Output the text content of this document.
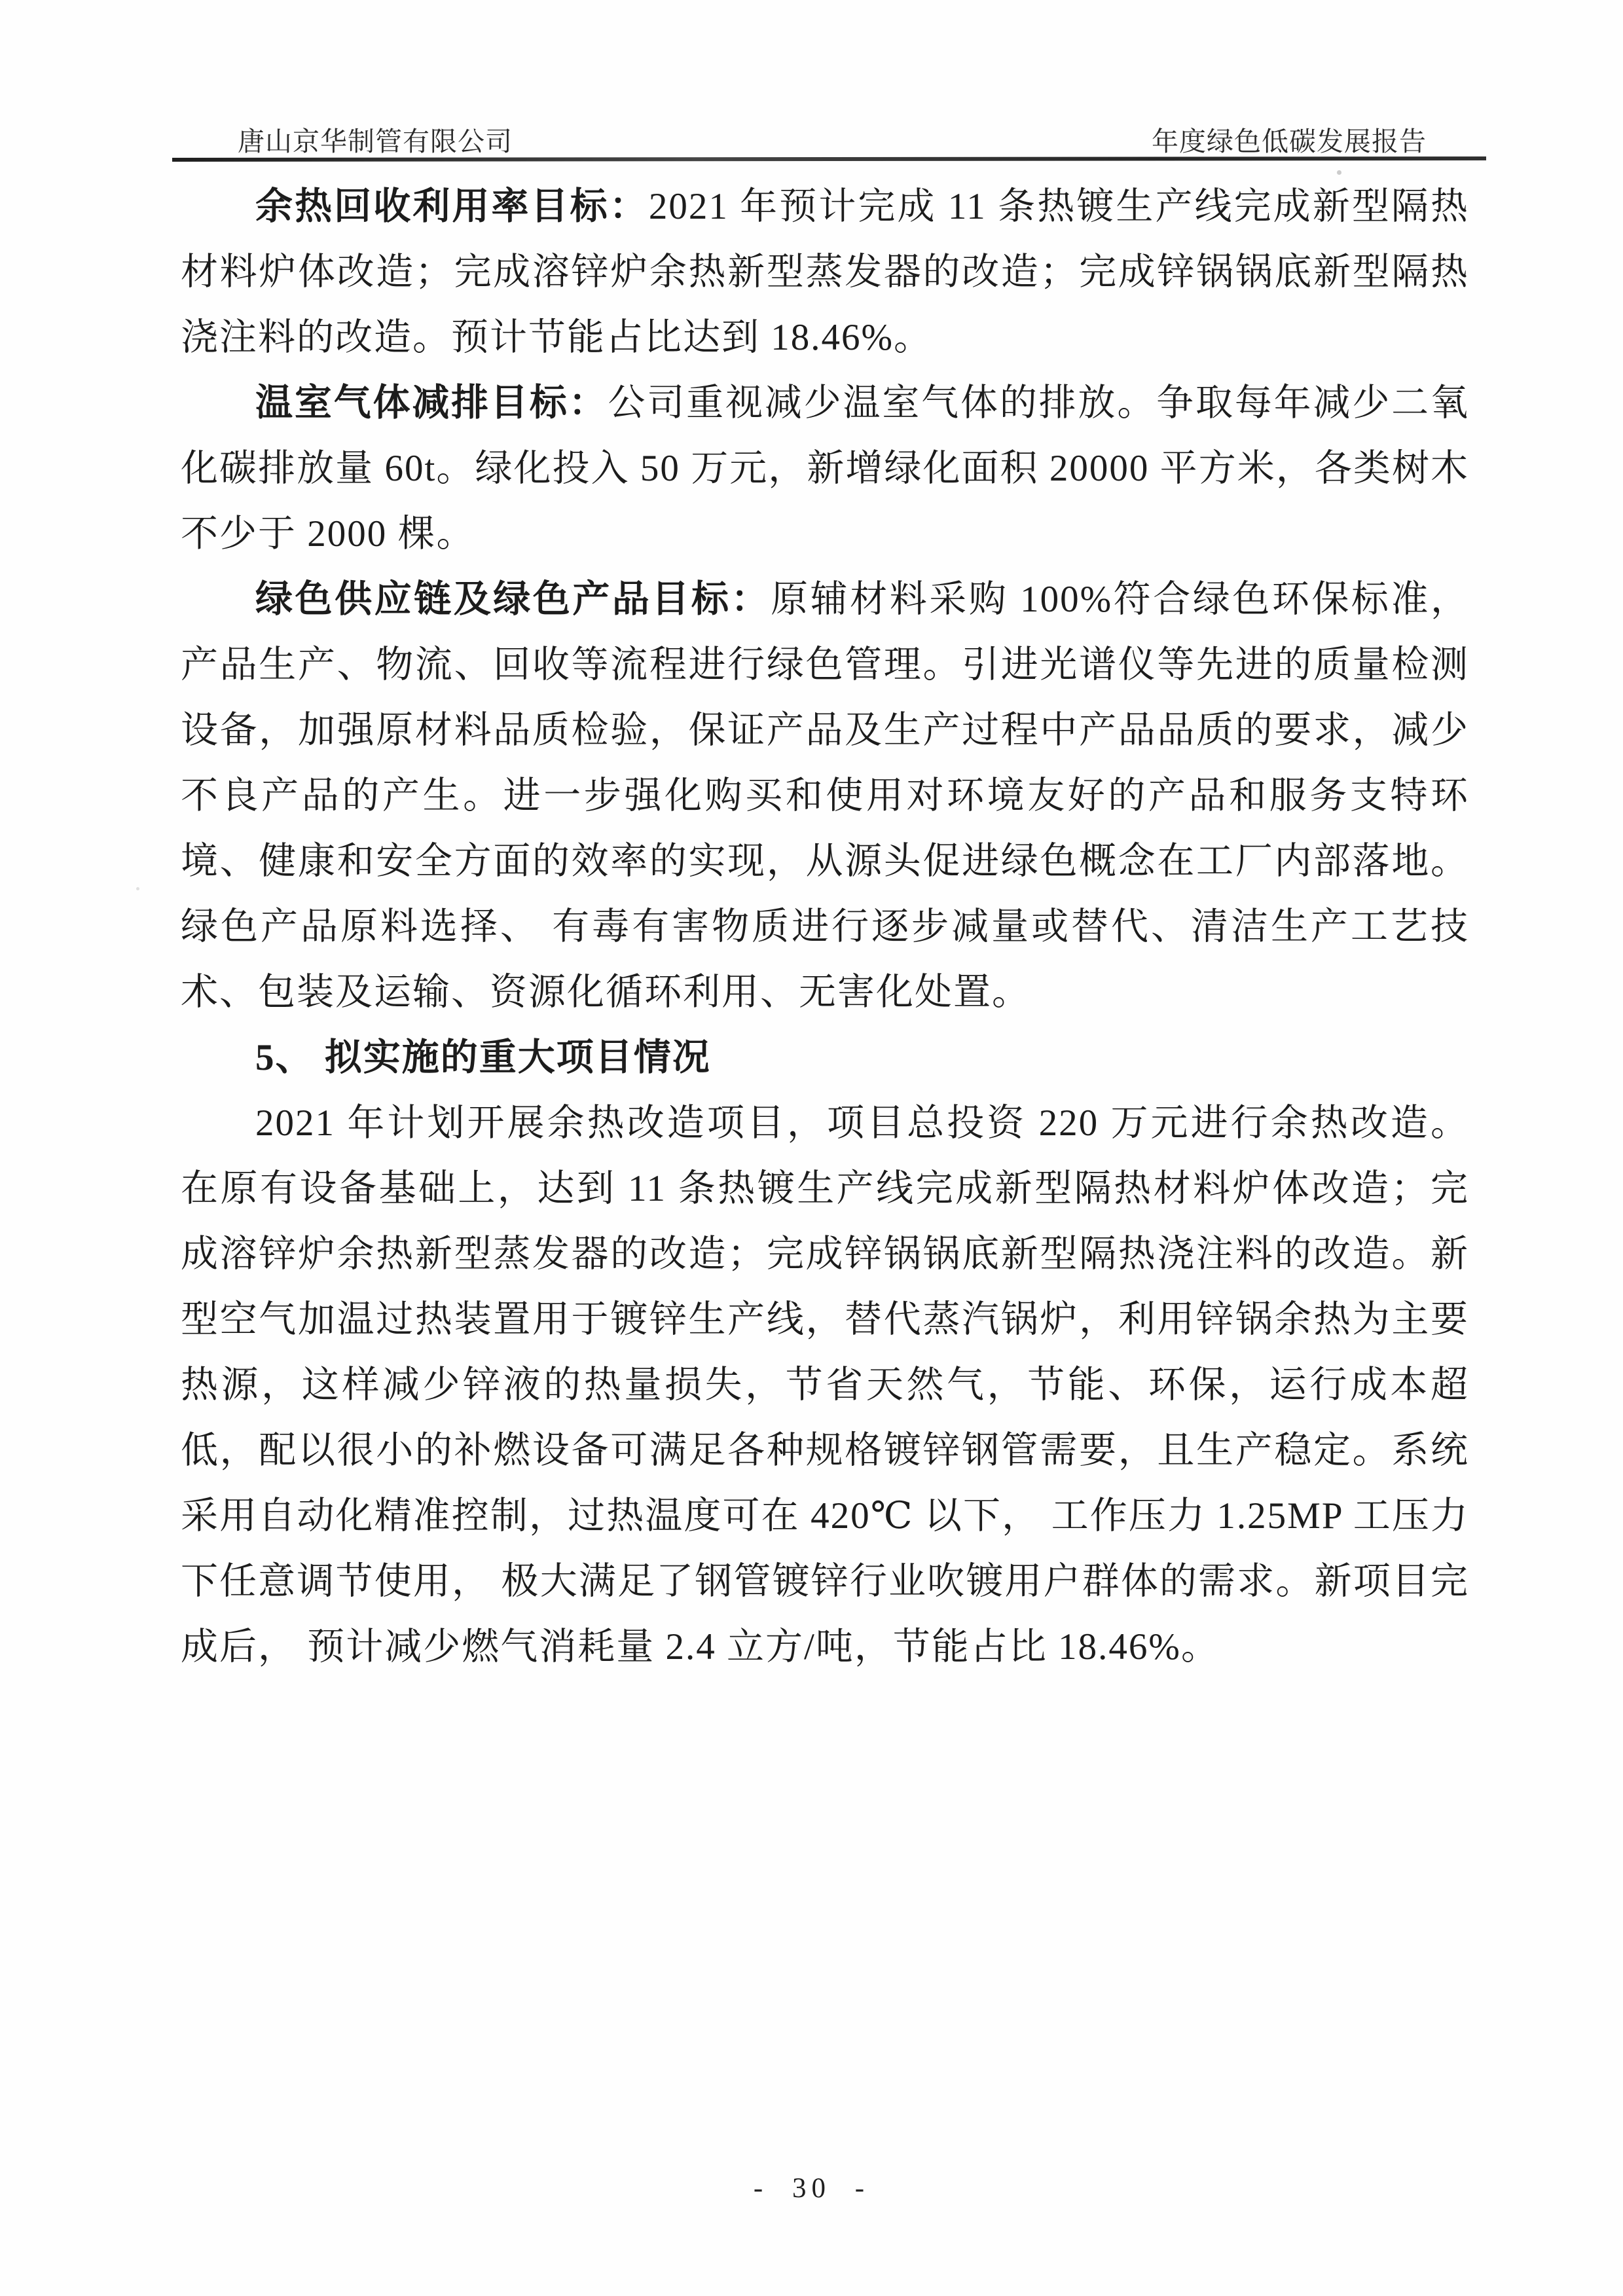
唐山京华制管有限公司	年度绿色低碳发展报告

余热回收利用率目标：2021 年预计完成 11 条热镀生产线完成新型隔热材料炉体改造；完成溶锌炉余热新型蒸发器的改造；完成锌锅锅底新型隔热浇注料的改造。预计节能占比达到 18.46%。

温室气体减排目标：公司重视减少温室气体的排放。争取每年减少二氧化碳排放量 60t。绿化投入 50 万元，新增绿化面积 20000 平方米，各类树木不少于 2000 棵。

绿色供应链及绿色产品目标：原辅材料采购 100%符合绿色环保标准，产品生产、物流、回收等流程进行绿色管理。引进光谱仪等先进的质量检测设备，加强原材料品质检验，保证产品及生产过程中产品品质的要求，减少不良产品的产生。进一步强化购买和使用对环境友好的产品和服务支特环境、健康和安全方面的效率的实现，从源头促进绿色概念在工厂内部落地。绿色产品原料选择、 有毒有害物质进行逐步减量或替代、清洁生产工艺技术、包装及运输、资源化循环利用、无害化处置。

5、 拟实施的重大项目情况

2021 年计划开展余热改造项目，项目总投资 220 万元进行余热改造。在原有设备基础上，达到 11 条热镀生产线完成新型隔热材料炉体改造；完成溶锌炉余热新型蒸发器的改造；完成锌锅锅底新型隔热浇注料的改造。新型空气加温过热装置用于镀锌生产线，替代蒸汽锅炉，利用锌锅余热为主要热源，这样减少锌液的热量损失，节省天然气，节能、环保，运行成本超低，配以很小的补燃设备可满足各种规格镀锌钢管需要，且生产稳定。系统采用自动化精准控制，过热温度可在 420℃ 以下， 工作压力 1.25MP 工压力下任意调节使用， 极大满足了钢管镀锌行业吹镀用户群体的需求。新项目完成后， 预计减少燃气消耗量 2.4 立方/吨，节能占比 18.46%。

- 30 -
